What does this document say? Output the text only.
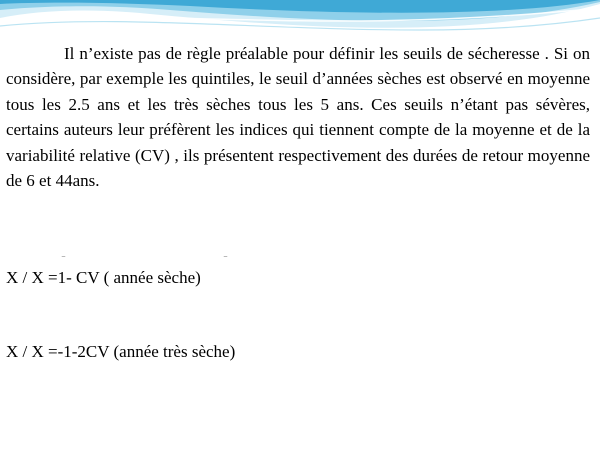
Il n’existe pas de règle préalable pour définir les seuils de sécheresse . Si on considère, par exemple les quintiles, le seuil d’années sèches est observé en moyenne tous les 2.5 ans et les très sèches tous les 5 ans. Ces seuils n’étant pas sévères, certains auteurs leur préfèrent les indices qui tiennent compte de la moyenne et de la variabilité relative (CV) , ils présentent respectivement des durées de retour moyenne de 6 et 44ans.

‾	‾

X / X =1- CV ( année sèche)

X / X =-1-2CV (année très sèche)
